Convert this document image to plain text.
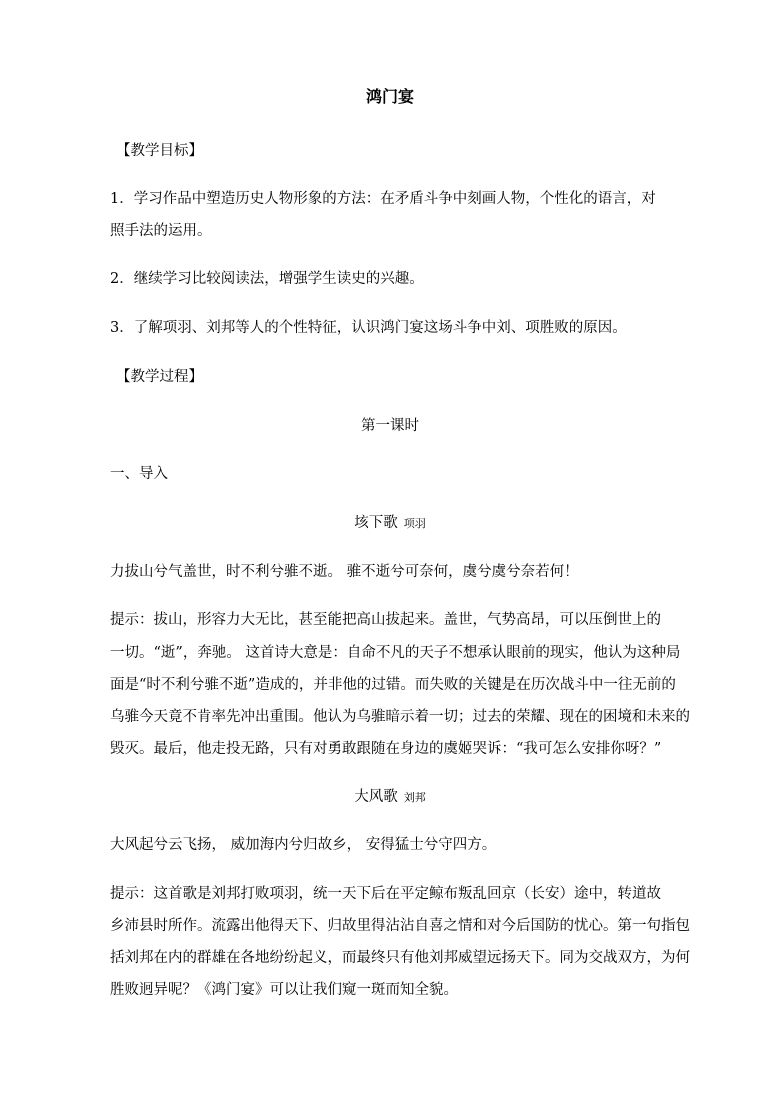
鸿门宴
【教学目标】
1．学习作品中塑造历史人物形象的方法：在矛盾斗争中刻画人物，个性化的语言，对
照手法的运用。
2．继续学习比较阅读法，增强学生读史的兴趣。
3．了解项羽、刘邦等人的个性特征，认识鸿门宴这场斗争中刘、项胜败的原因。
【教学过程】
第一课时
一、导入
垓下歌 项羽
力拔山兮气盖世，时不利兮骓不逝。 骓不逝兮可奈何，虞兮虞兮奈若何！
提示：拔山，形容力大无比，甚至能把高山拔起来。盖世，气势高昂，可以压倒世上的
一切。“逝”，奔驰。 这首诗大意是：自命不凡的天子不想承认眼前的现实，他认为这种局
面是“时不利兮骓不逝”造成的，并非他的过错。而失败的关键是在历次战斗中一往无前的
乌骓今天竟不肯率先冲出重围。他认为乌骓暗示着一切；过去的荣耀、现在的困境和未来的
毁灭。最后，他走投无路，只有对勇敢跟随在身边的虞姬哭诉：“我可怎么安排你呀？”
大风歌 刘邦
大风起兮云飞扬， 威加海内兮归故乡， 安得猛士兮守四方。
提示：这首歌是刘邦打败项羽，统一天下后在平定鲸布叛乱回京（长安）途中，转道故
乡沛县时所作。流露出他得天下、归故里得沾沾自喜之情和对今后国防的忧心。第一句指包
括刘邦在内的群雄在各地纷纷起义，而最终只有他刘邦威望远扬天下。同为交战双方，为何
胜败迥异呢？《鸿门宴》可以让我们窥一斑而知全貌。
